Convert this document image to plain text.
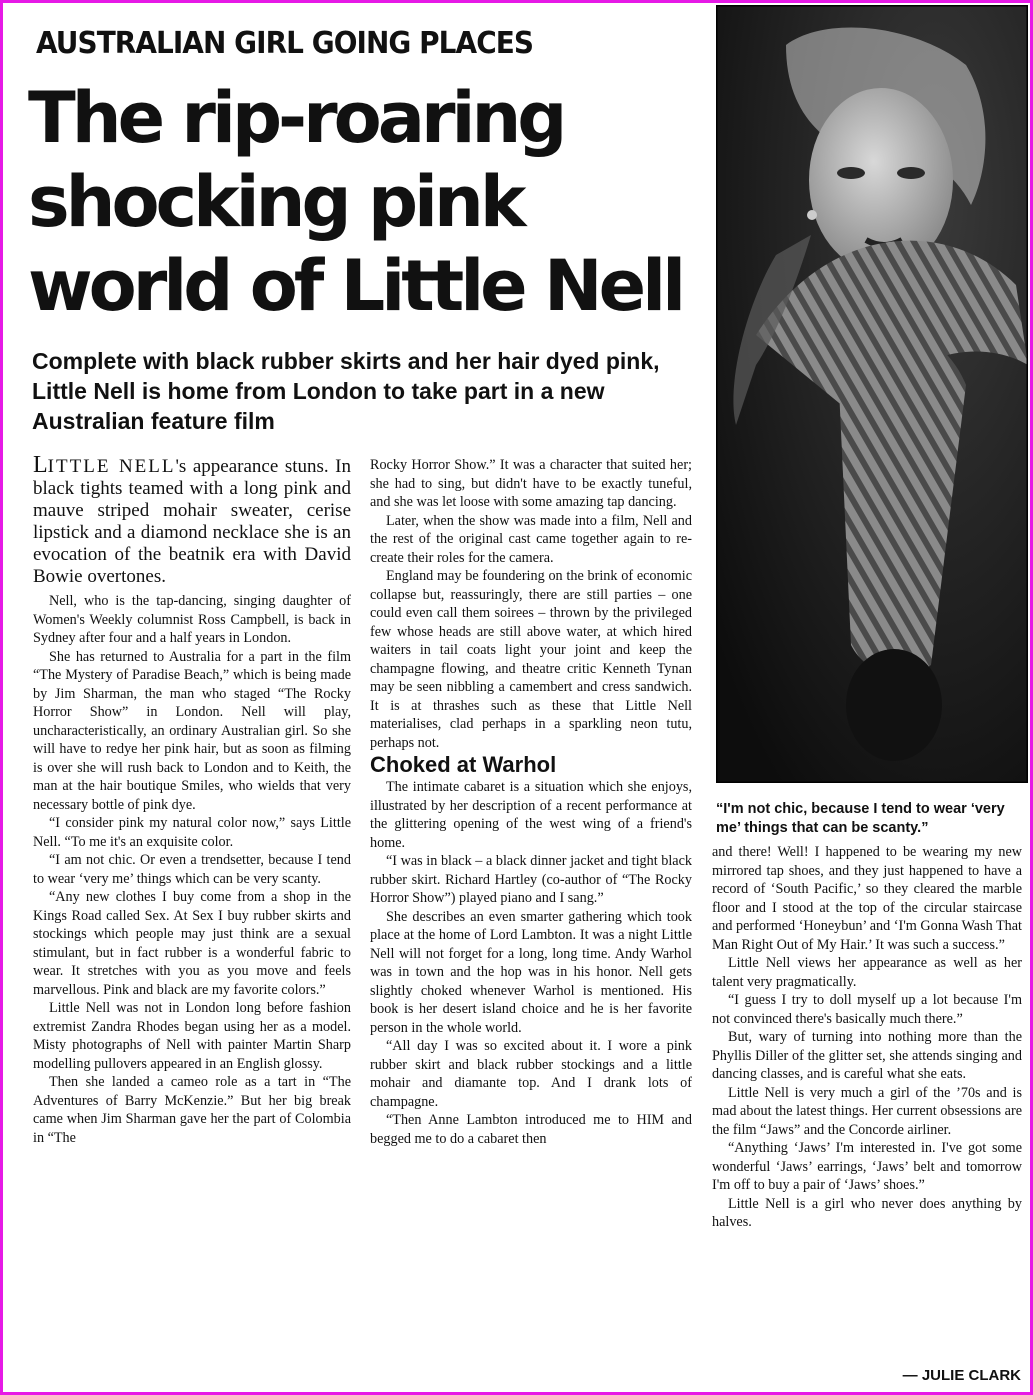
AUSTRALIAN GIRL GOING PLACES
The rip-roaring
shocking pink
world of Little Nell
Complete with black rubber skirts and her hair dyed pink, Little Nell is home from London to take part in a new Australian feature film

LITTLE NELL's appearance stuns. In black tights teamed with a long pink and mauve striped mohair sweater, cerise lipstick and a diamond necklace she is an evocation of the beatnik era with David Bowie overtones.

Nell, who is the tap-dancing, singing daughter of Women's Weekly columnist Ross Campbell, is back in Sydney after four and a half years in London.

She has returned to Australia for a part in the film “The Mystery of Paradise Beach,” which is being made by Jim Sharman, the man who staged “The Rocky Horror Show” in London. Nell will play, uncharacteristically, an ordinary Australian girl. So she will have to redye her pink hair, but as soon as filming is over she will rush back to London and to Keith, the man at the hair boutique Smiles, who wields that very necessary bottle of pink dye.

“I consider pink my natural color now,” says Little Nell. “To me it's an exquisite color.

“I am not chic. Or even a trendsetter, because I tend to wear ‘very me’ things which can be very scanty.

“Any new clothes I buy come from a shop in the Kings Road called Sex. At Sex I buy rubber skirts and stockings which people may just think are a sexual stimulant, but in fact rubber is a wonderful fabric to wear. It stretches with you as you move and feels marvellous. Pink and black are my favorite colors.”

Little Nell was not in London long before fashion extremist Zandra Rhodes began using her as a model. Misty photographs of Nell with painter Martin Sharp modelling pullovers appeared in an English glossy.

Then she landed a cameo role as a tart in “The Adventures of Barry McKenzie.” But her big break came when Jim Sharman gave her the part of Colombia in “The

Rocky Horror Show.” It was a character that suited her; she had to sing, but didn't have to be exactly tuneful, and she was let loose with some amazing tap dancing.

Later, when the show was made into a film, Nell and the rest of the original cast came together again to re-create their roles for the camera.

England may be foundering on the brink of economic collapse but, reassuringly, there are still parties – one could even call them soirees – thrown by the privileged few whose heads are still above water, at which hired waiters in tail coats light your joint and keep the champagne flowing, and theatre critic Kenneth Tynan may be seen nibbling a camembert and cress sandwich. It is at thrashes such as these that Little Nell materialises, clad perhaps in a sparkling neon tutu, perhaps not.

Choked at Warhol

The intimate cabaret is a situation which she enjoys, illustrated by her description of a recent performance at the glittering opening of the west wing of a friend's home.

“I was in black – a black dinner jacket and tight black rubber skirt. Richard Hartley (co-author of “The Rocky Horror Show”) played piano and I sang.”

She describes an even smarter gathering which took place at the home of Lord Lambton. It was a night Little Nell will not forget for a long, long time. Andy Warhol was in town and the hop was in his honor. Nell gets slightly choked whenever Warhol is mentioned. His book is her desert island choice and he is her favorite person in the whole world.

“All day I was so excited about it. I wore a pink rubber skirt and black rubber stockings and a little mohair and diamante top. And I drank lots of champagne.

“Then Anne Lambton introduced me to HIM and begged me to do a cabaret then

“I'm not chic, because I tend to wear ‘very me’ things that can be scanty.”

and there! Well! I happened to be wearing my new mirrored tap shoes, and they just happened to have a record of ‘South Pacific,’ so they cleared the marble floor and I stood at the top of the circular staircase and performed ‘Honeybun’ and ‘I'm Gonna Wash That Man Right Out of My Hair.’ It was such a success.”

Little Nell views her appearance as well as her talent very pragmatically.

“I guess I try to doll myself up a lot because I'm not convinced there's basically much there.”

But, wary of turning into nothing more than the Phyllis Diller of the glitter set, she attends singing and dancing classes, and is careful what she eats.

Little Nell is very much a girl of the ’70s and is mad about the latest things. Her current obsessions are the film “Jaws” and the Concorde airliner.

“Anything ‘Jaws’ I'm interested in. I've got some wonderful ‘Jaws’ earrings, ‘Jaws’ belt and tomorrow I'm off to buy a pair of ‘Jaws’ shoes.”

Little Nell is a girl who never does anything by halves.

— JULIE CLARK
